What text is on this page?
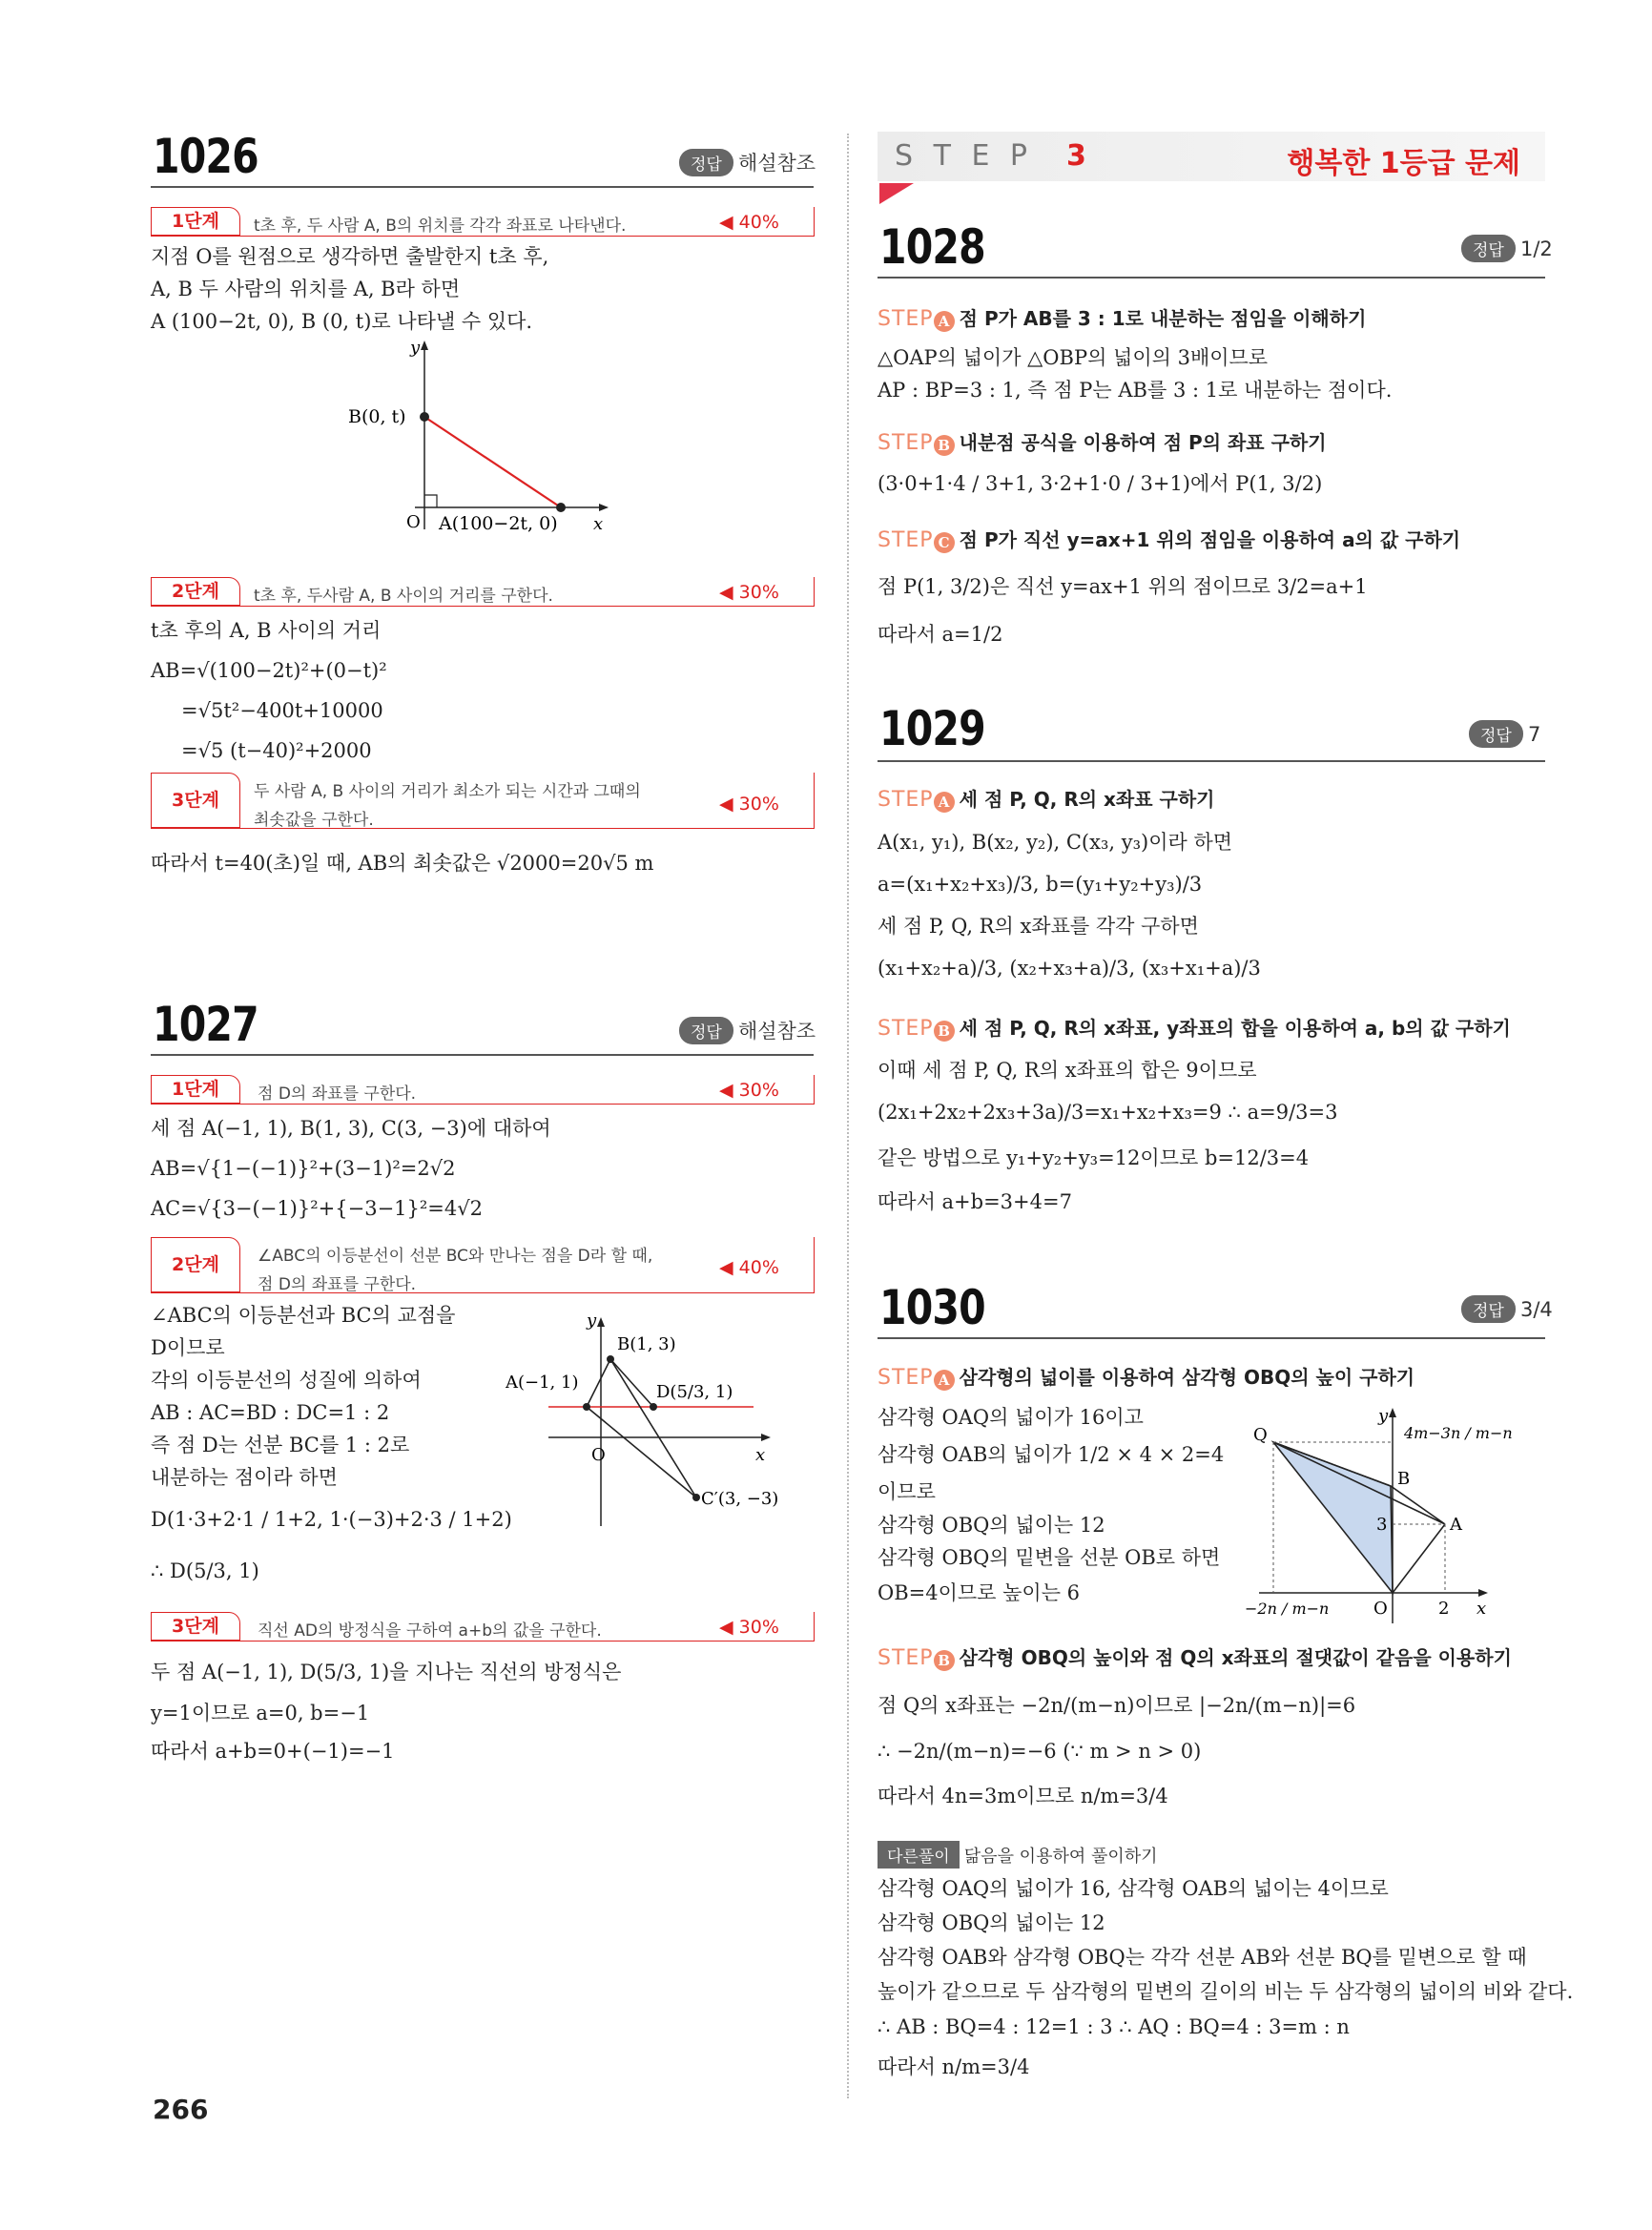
1026	정답 해설참조
1단계	t초 후, 두 사람 A, B의 위치를 각각 좌표로 나타낸다.	◀ 40%
지점 O를 원점으로 생각하면 출발한지 t초 후,
A, B 두 사람의 위치를 A, B라 하면
A (100−2t, 0), B (0, t)로 나타낼 수 있다.
y
x
O
B(0, t)
A(100−2t, 0)
2단계	t초 후, 두사람 A, B 사이의 거리를 구한다.	◀ 30%
t초 후의 A, B 사이의 거리
AB=√(100−2t)²+(0−t)²
=√5t²−400t+10000
=√5 (t−40)²+2000
3단계	두 사람 A, B 사이의 거리가 최소가 되는 시간과 그때의
최솟값을 구한다.
◀ 30%
따라서 t=40(초)일 때, AB의 최솟값은 √2000=20√5 m
1027	정답 해설참조
1단계	점 D의 좌표를 구한다.	◀ 30%
세 점 A(−1, 1), B(1, 3), C(3, −3)에 대하여
AB=√{1−(−1)}²+(3−1)²=2√2
AC=√{3−(−1)}²+{−3−1}²=4√2
2단계	∠ABC의 이등분선이 선분 BC와 만나는 점을 D라 할 때,
점 D의 좌표를 구한다.
◀ 40%
∠ABC의 이등분선과 BC의 교점을
D이므로
각의 이등분선의 성질에 의하여
AB : AC=BD : DC=1 : 2
즉 점 D는 선분 BC를 1 : 2로
내분하는 점이라 하면
D(1·3+2·1 / 1+2, 1·(−3)+2·3 / 1+2)
∴ D(5/3, 1)
y
x
O
A(−1, 1)
B(1, 3)
D(5/3, 1)
C′(3, −3)
3단계	직선 AD의 방정식을 구하여 a+b의 값을 구한다.	◀ 30%
두 점 A(−1, 1), D(5/3, 1)을 지나는 직선의 방정식은
y=1이므로 a=0, b=−1
따라서 a+b=0+(−1)=−1
266
S T E P 3	행복한 1등급 문제
1028	정답 1/2
STEP A 점 P가 AB를 3 : 1로 내분하는 점임을 이해하기
△OAP의 넓이가 △OBP의 넓이의 3배이므로
AP : BP=3 : 1, 즉 점 P는 AB를 3 : 1로 내분하는 점이다.
STEP B 내분점 공식을 이용하여 점 P의 좌표 구하기
(3·0+1·4 / 3+1, 3·2+1·0 / 3+1)에서 P(1, 3/2)
STEP C 점 P가 직선 y=ax+1 위의 점임을 이용하여 a의 값 구하기
점 P(1, 3/2)은 직선 y=ax+1 위의 점이므로 3/2=a+1
따라서 a=1/2
1029	정답 7
STEP A 세 점 P, Q, R의 x좌표 구하기
A(x₁, y₁), B(x₂, y₂), C(x₃, y₃)이라 하면
a=(x₁+x₂+x₃)/3, b=(y₁+y₂+y₃)/3
세 점 P, Q, R의 x좌표를 각각 구하면
(x₁+x₂+a)/3, (x₂+x₃+a)/3, (x₃+x₁+a)/3
STEP B 세 점 P, Q, R의 x좌표, y좌표의 합을 이용하여 a, b의 값 구하기
이때 세 점 P, Q, R의 x좌표의 합은 9이므로
(2x₁+2x₂+2x₃+3a)/3=x₁+x₂+x₃=9 ∴ a=9/3=3
같은 방법으로 y₁+y₂+y₃=12이므로 b=12/3=4
따라서 a+b=3+4=7
1030	정답 3/4
STEP A 삼각형의 넓이를 이용하여 삼각형 OBQ의 높이 구하기
삼각형 OAQ의 넓이가 16이고
삼각형 OAB의 넓이가 1/2 × 4 × 2=4
이므로
삼각형 OBQ의 넓이는 12
삼각형 OBQ의 밑변을 선분 OB로 하면
OB=4이므로 높이는 6
y
x
O
Q
B
A
3
2
4m−3n / m−n
−2n / m−n
STEP B 삼각형 OBQ의 높이와 점 Q의 x좌표의 절댓값이 같음을 이용하기
점 Q의 x좌표는 −2n/(m−n)이므로 |−2n/(m−n)|=6
∴ −2n/(m−n)=−6 (∵ m > n > 0)
따라서 4n=3m이므로 n/m=3/4
다른풀이 닮음을 이용하여 풀이하기
삼각형 OAQ의 넓이가 16, 삼각형 OAB의 넓이는 4이므로
삼각형 OBQ의 넓이는 12
삼각형 OAB와 삼각형 OBQ는 각각 선분 AB와 선분 BQ를 밑변으로 할 때
높이가 같으므로 두 삼각형의 밑변의 길이의 비는 두 삼각형의 넓이의 비와 같다.
∴ AB : BQ=4 : 12=1 : 3 ∴ AQ : BQ=4 : 3=m : n
따라서 n/m=3/4
